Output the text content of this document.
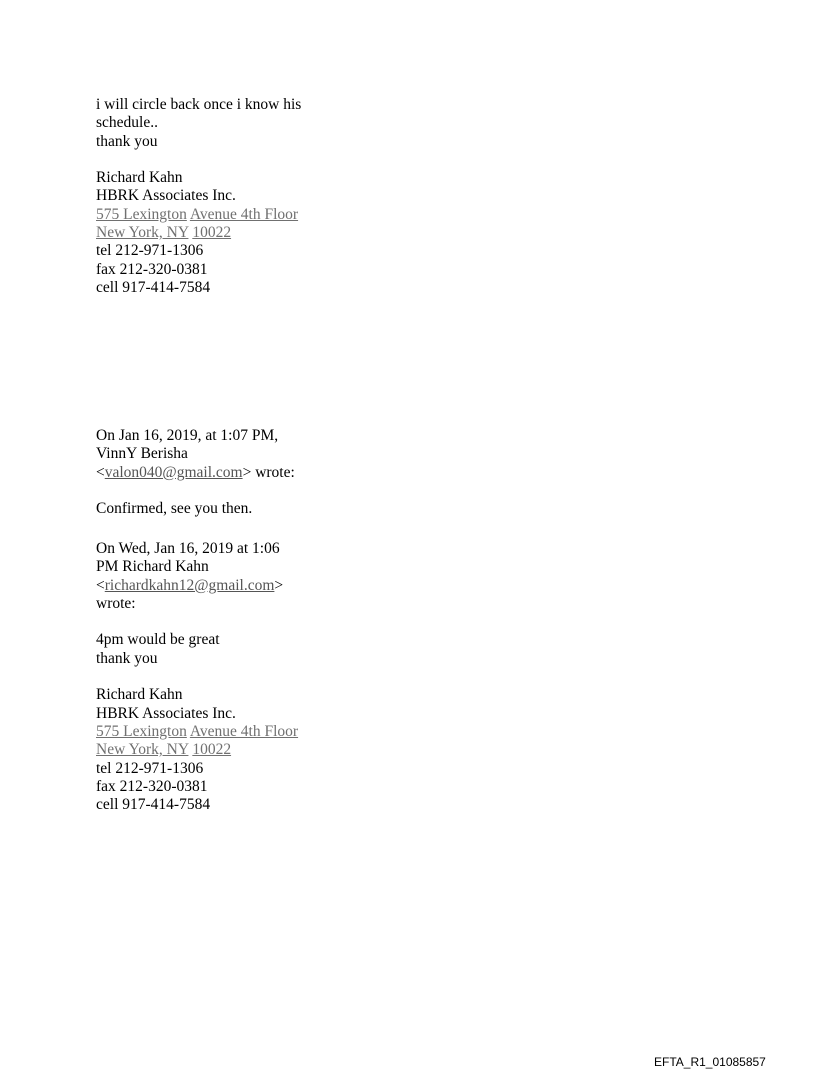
i will circle back once i know his
schedule..
thank you
Richard Kahn
HBRK Associates Inc.
575 Lexington Avenue 4th Floor
New York, NY 10022
tel 212-971-1306
fax 212-320-0381
cell 917-414-7584
On Jan 16, 2019, at 1:07 PM,
VinnY Berisha
<valon040@gmail.com> wrote:
Confirmed, see you then.
On Wed, Jan 16, 2019 at 1:06
PM Richard Kahn
<richardkahn12@gmail.com>
wrote:
4pm would be great
thank you
Richard Kahn
HBRK Associates Inc.
575 Lexington Avenue 4th Floor
New York, NY 10022
tel 212-971-1306
fax 212-320-0381
cell 917-414-7584
EFTA_R1_01085857
